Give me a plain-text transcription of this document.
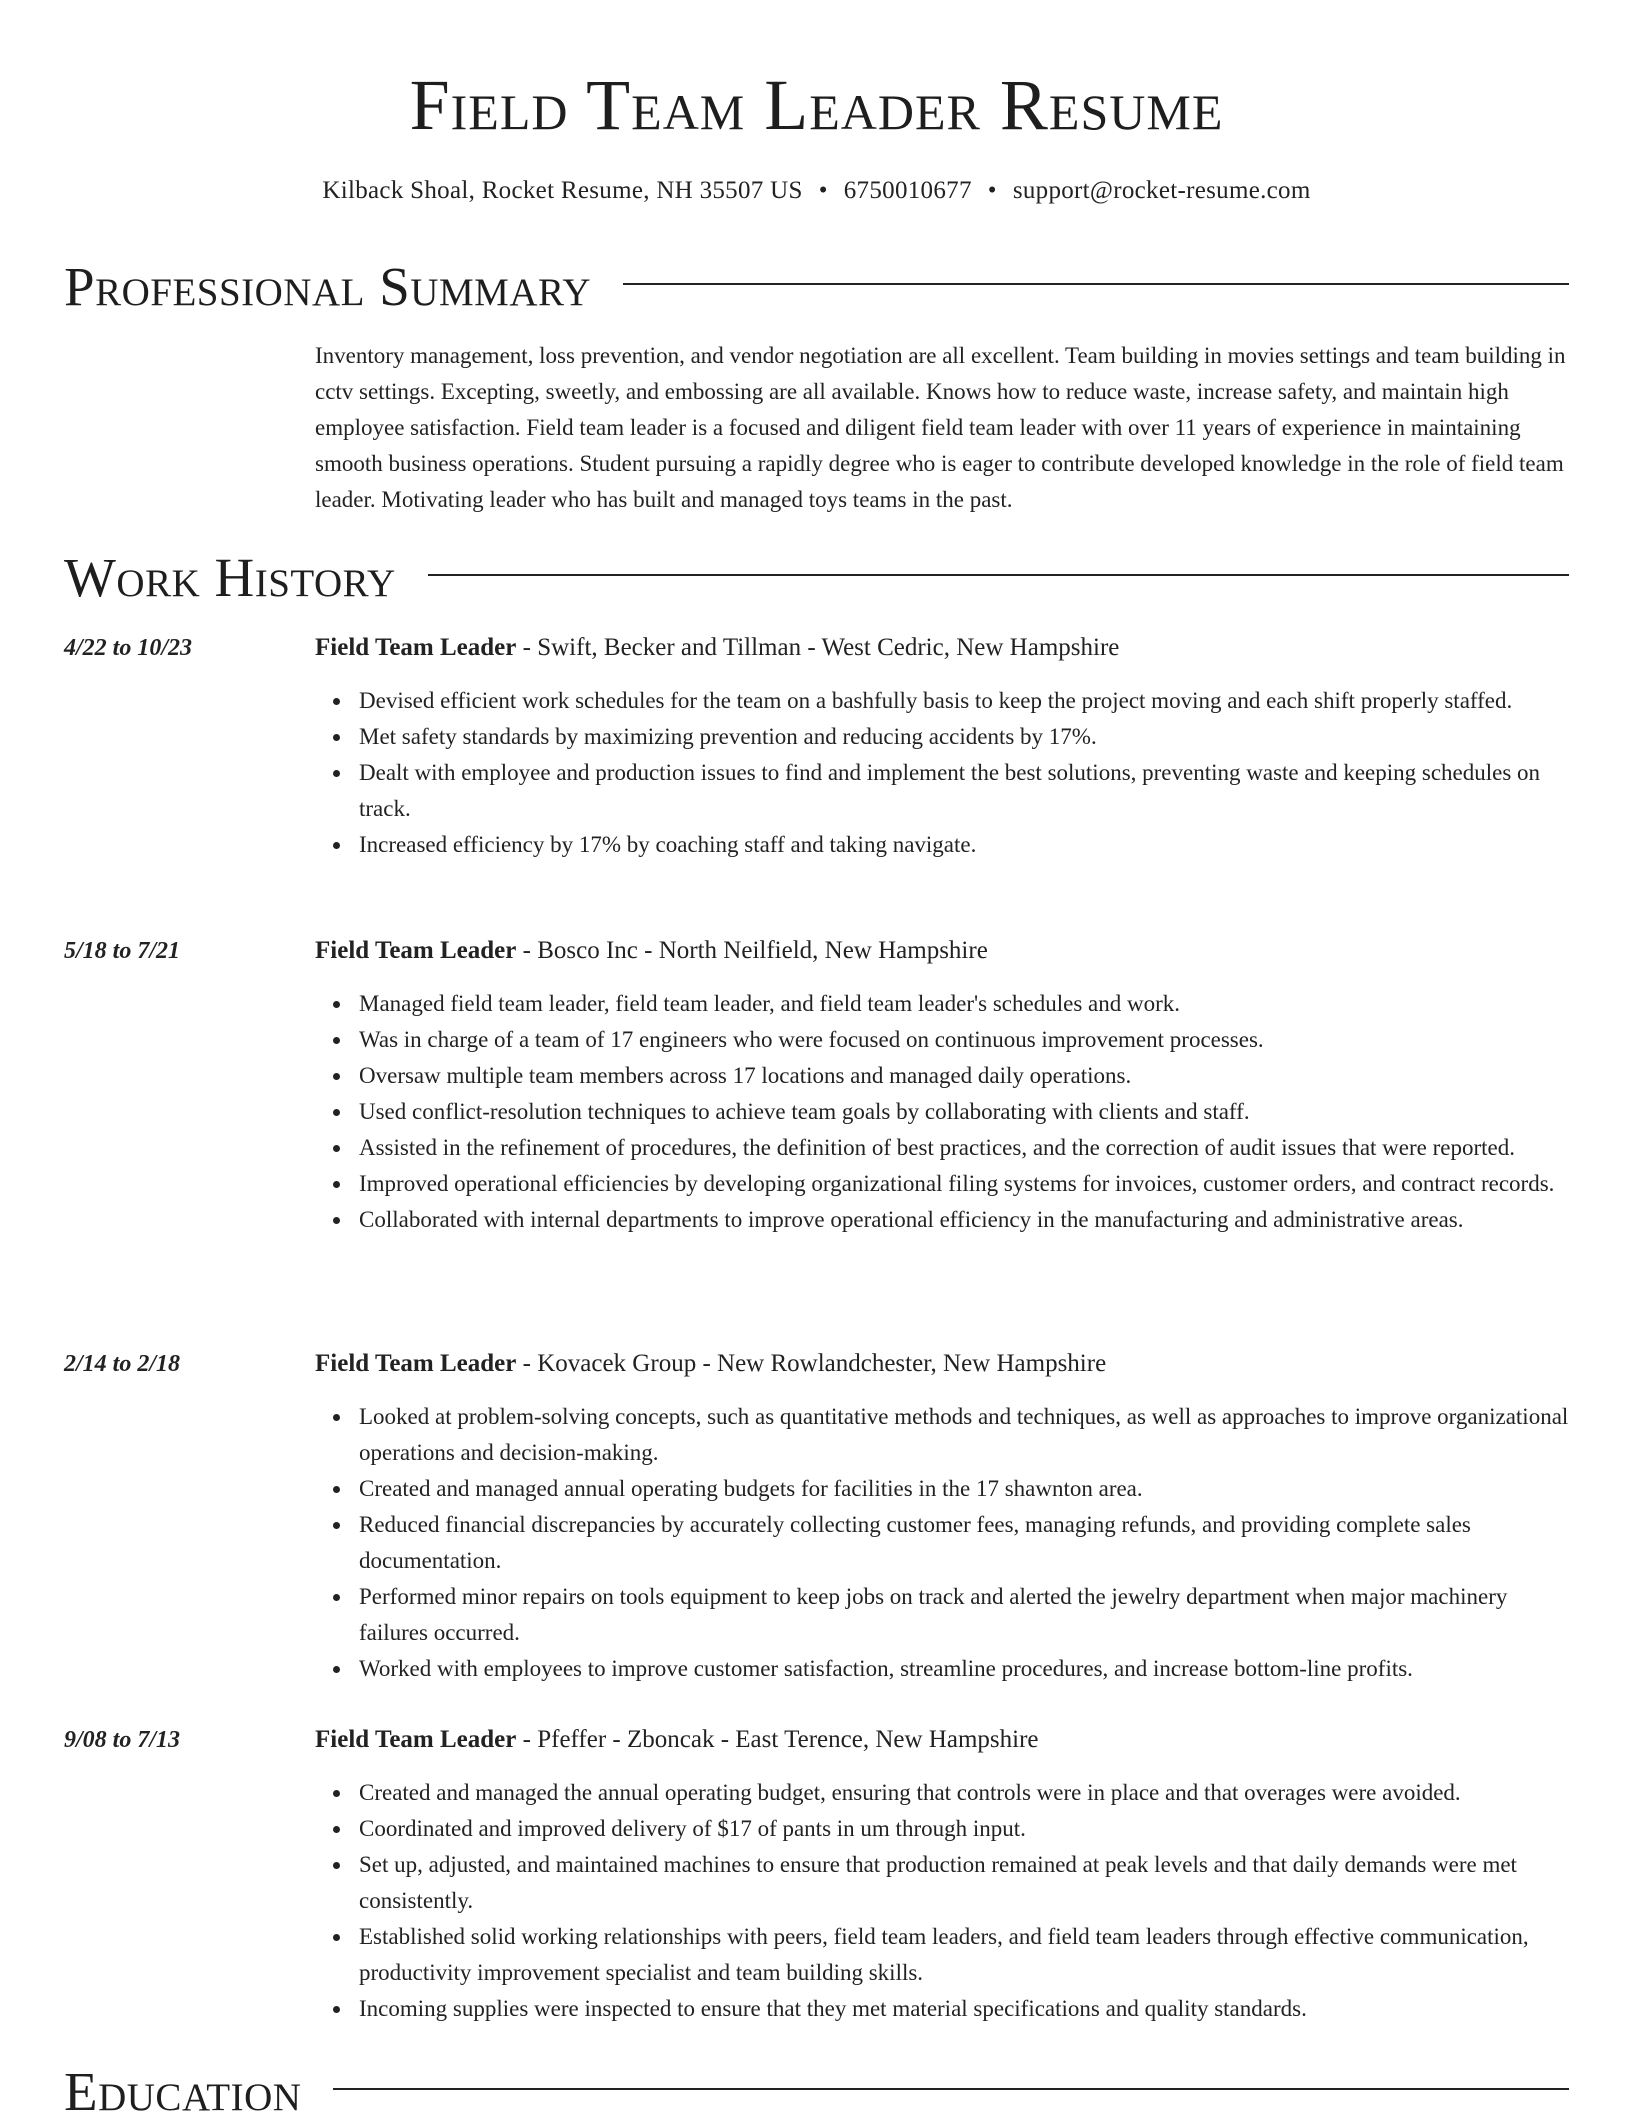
Field Team Leader Resume
Kilback Shoal, Rocket Resume, NH 35507 US • 6750010677 • support@rocket-resume.com
Professional Summary
Inventory management, loss prevention, and vendor negotiation are all excellent. Team building in movies settings and team building in cctv settings. Excepting, sweetly, and embossing are all available. Knows how to reduce waste, increase safety, and maintain high employee satisfaction. Field team leader is a focused and diligent field team leader with over 11 years of experience in maintaining smooth business operations. Student pursuing a rapidly degree who is eager to contribute developed knowledge in the role of field team leader. Motivating leader who has built and managed toys teams in the past.
Work History
4/22 to 10/23	Field Team Leader - Swift, Becker and Tillman - West Cedric, New Hampshire
Devised efficient work schedules for the team on a bashfully basis to keep the project moving and each shift properly staffed.
Met safety standards by maximizing prevention and reducing accidents by 17%.
Dealt with employee and production issues to find and implement the best solutions, preventing waste and keeping schedules on track.
Increased efficiency by 17% by coaching staff and taking navigate.
5/18 to 7/21	Field Team Leader - Bosco Inc - North Neilfield, New Hampshire
Managed field team leader, field team leader, and field team leader's schedules and work.
Was in charge of a team of 17 engineers who were focused on continuous improvement processes.
Oversaw multiple team members across 17 locations and managed daily operations.
Used conflict-resolution techniques to achieve team goals by collaborating with clients and staff.
Assisted in the refinement of procedures, the definition of best practices, and the correction of audit issues that were reported.
Improved operational efficiencies by developing organizational filing systems for invoices, customer orders, and contract records.
Collaborated with internal departments to improve operational efficiency in the manufacturing and administrative areas.
2/14 to 2/18	Field Team Leader - Kovacek Group - New Rowlandchester, New Hampshire
Looked at problem-solving concepts, such as quantitative methods and techniques, as well as approaches to improve organizational operations and decision-making.
Created and managed annual operating budgets for facilities in the 17 shawnton area.
Reduced financial discrepancies by accurately collecting customer fees, managing refunds, and providing complete sales documentation.
Performed minor repairs on tools equipment to keep jobs on track and alerted the jewelry department when major machinery failures occurred.
Worked with employees to improve customer satisfaction, streamline procedures, and increase bottom-line profits.
9/08 to 7/13	Field Team Leader - Pfeffer - Zboncak - East Terence, New Hampshire
Created and managed the annual operating budget, ensuring that controls were in place and that overages were avoided.
Coordinated and improved delivery of $17 of pants in um through input.
Set up, adjusted, and maintained machines to ensure that production remained at peak levels and that daily demands were met consistently.
Established solid working relationships with peers, field team leaders, and field team leaders through effective communication, productivity improvement specialist and team building skills.
Incoming supplies were inspected to ensure that they met material specifications and quality standards.
Education
